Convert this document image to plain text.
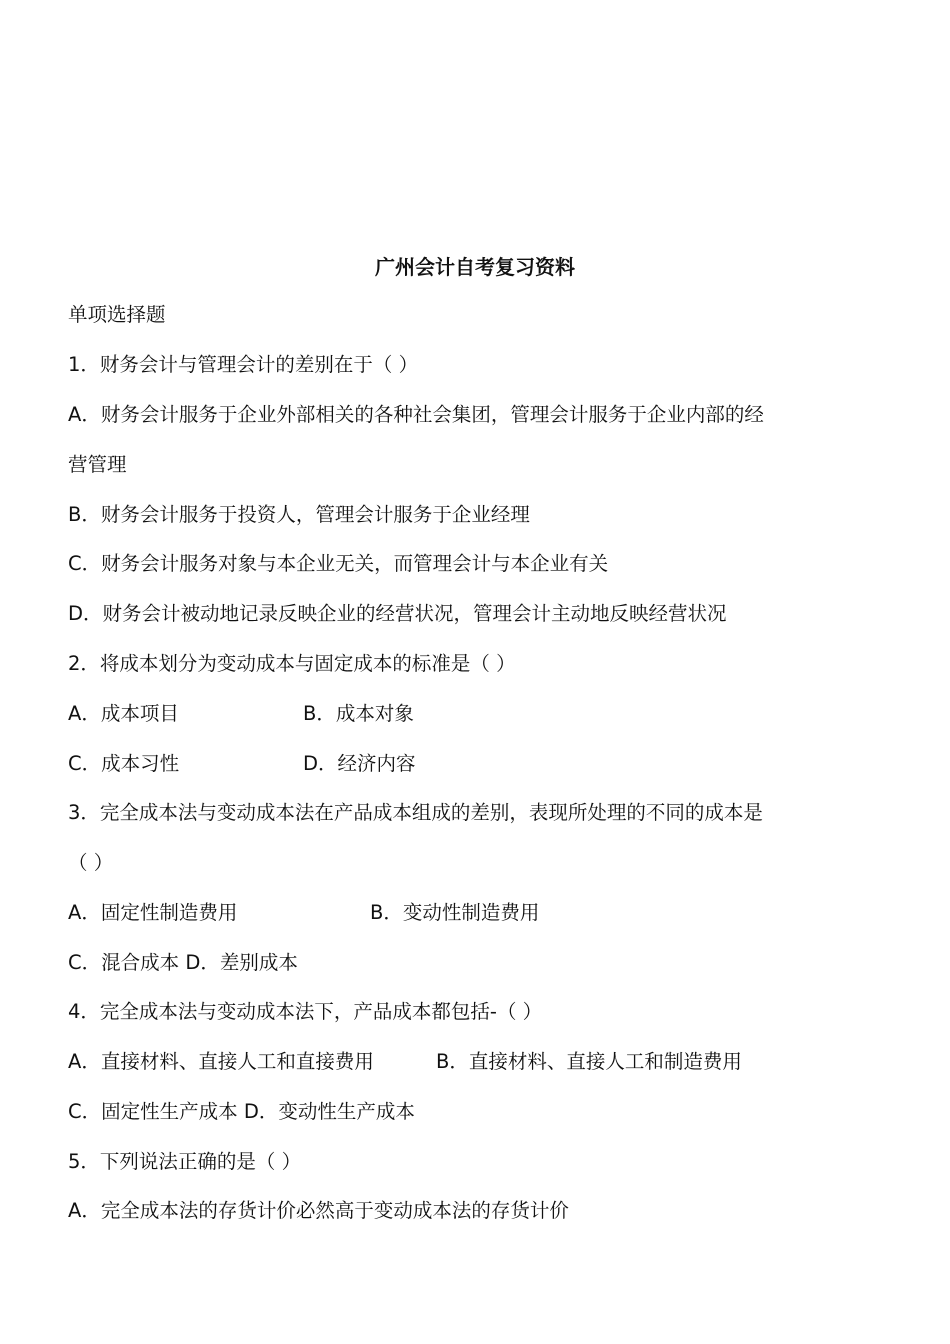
广州会计自考复习资料
单项选择题
1．财务会计与管理会计的差别在于（ ）
A．财务会计服务于企业外部相关的各种社会集团，管理会计服务于企业内部的经
营管理
B．财务会计服务于投资人，管理会计服务于企业经理
C．财务会计服务对象与本企业无关，而管理会计与本企业有关
D．财务会计被动地记录反映企业的经营状况，管理会计主动地反映经营状况
2．将成本划分为变动成本与固定成本的标准是（ ）
A．成本项目	B．成本对象
C．成本习性	D．经济内容
3．完全成本法与变动成本法在产品成本组成的差别，表现所处理的不同的成本是
（ ）
A．固定性制造费用	B．变动性制造费用
C．混合成本 D．差别成本
4．完全成本法与变动成本法下，产品成本都包括-（ ）
A．直接材料、直接人工和直接费用	B．直接材料、直接人工和制造费用
C．固定性生产成本 D．变动性生产成本
5．下列说法正确的是（ ）
A．完全成本法的存货计价必然高于变动成本法的存货计价
